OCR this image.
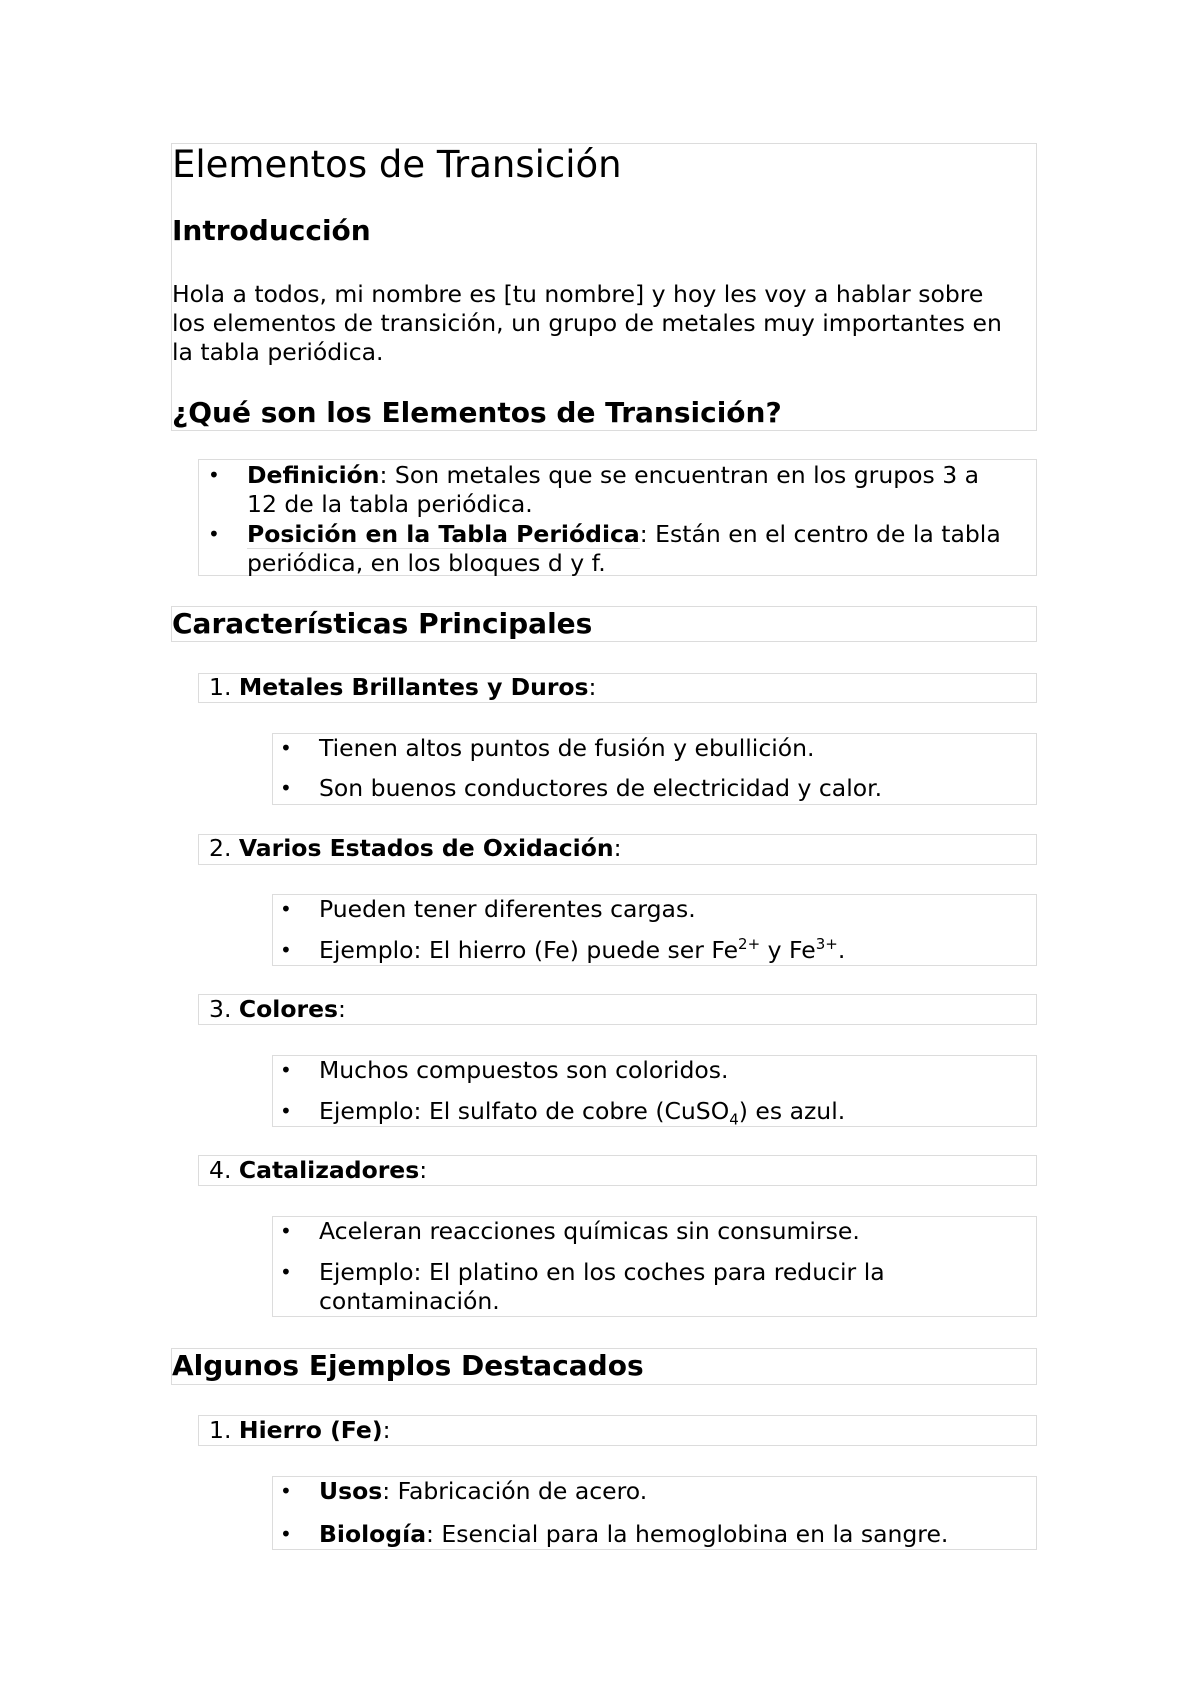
Elementos de Transición
Introducción
Hola a todos, mi nombre es [tu nombre] y hoy les voy a hablar sobre
los elementos de transición, un grupo de metales muy importantes en
la tabla periódica.
¿Qué son los Elementos de Transición?
• Definición: Son metales que se encuentran en los grupos 3 a
12 de la tabla periódica.
• Posición en la Tabla Periódica: Están en el centro de la tabla
periódica, en los bloques d y f.
Características Principales
1. Metales Brillantes y Duros:
• Tienen altos puntos de fusión y ebullición.
• Son buenos conductores de electricidad y calor.
2. Varios Estados de Oxidación:
• Pueden tener diferentes cargas.
• Ejemplo: El hierro (Fe) puede ser $Fe^{2+}$ y $Fe^{3+}$.
3. Colores:
• Muchos compuestos son coloridos.
• Ejemplo: El sulfato de cobre (CuSO$_4$) es azul.
4. Catalizadores:
• Aceleran reacciones químicas sin consumirse.
• Ejemplo: El platino en los coches para reducir la
contaminación.
Algunos Ejemplos Destacados
1. Hierro (Fe):
• Usos: Fabricación de acero.
• Biología: Esencial para la hemoglobina en la sangre.
